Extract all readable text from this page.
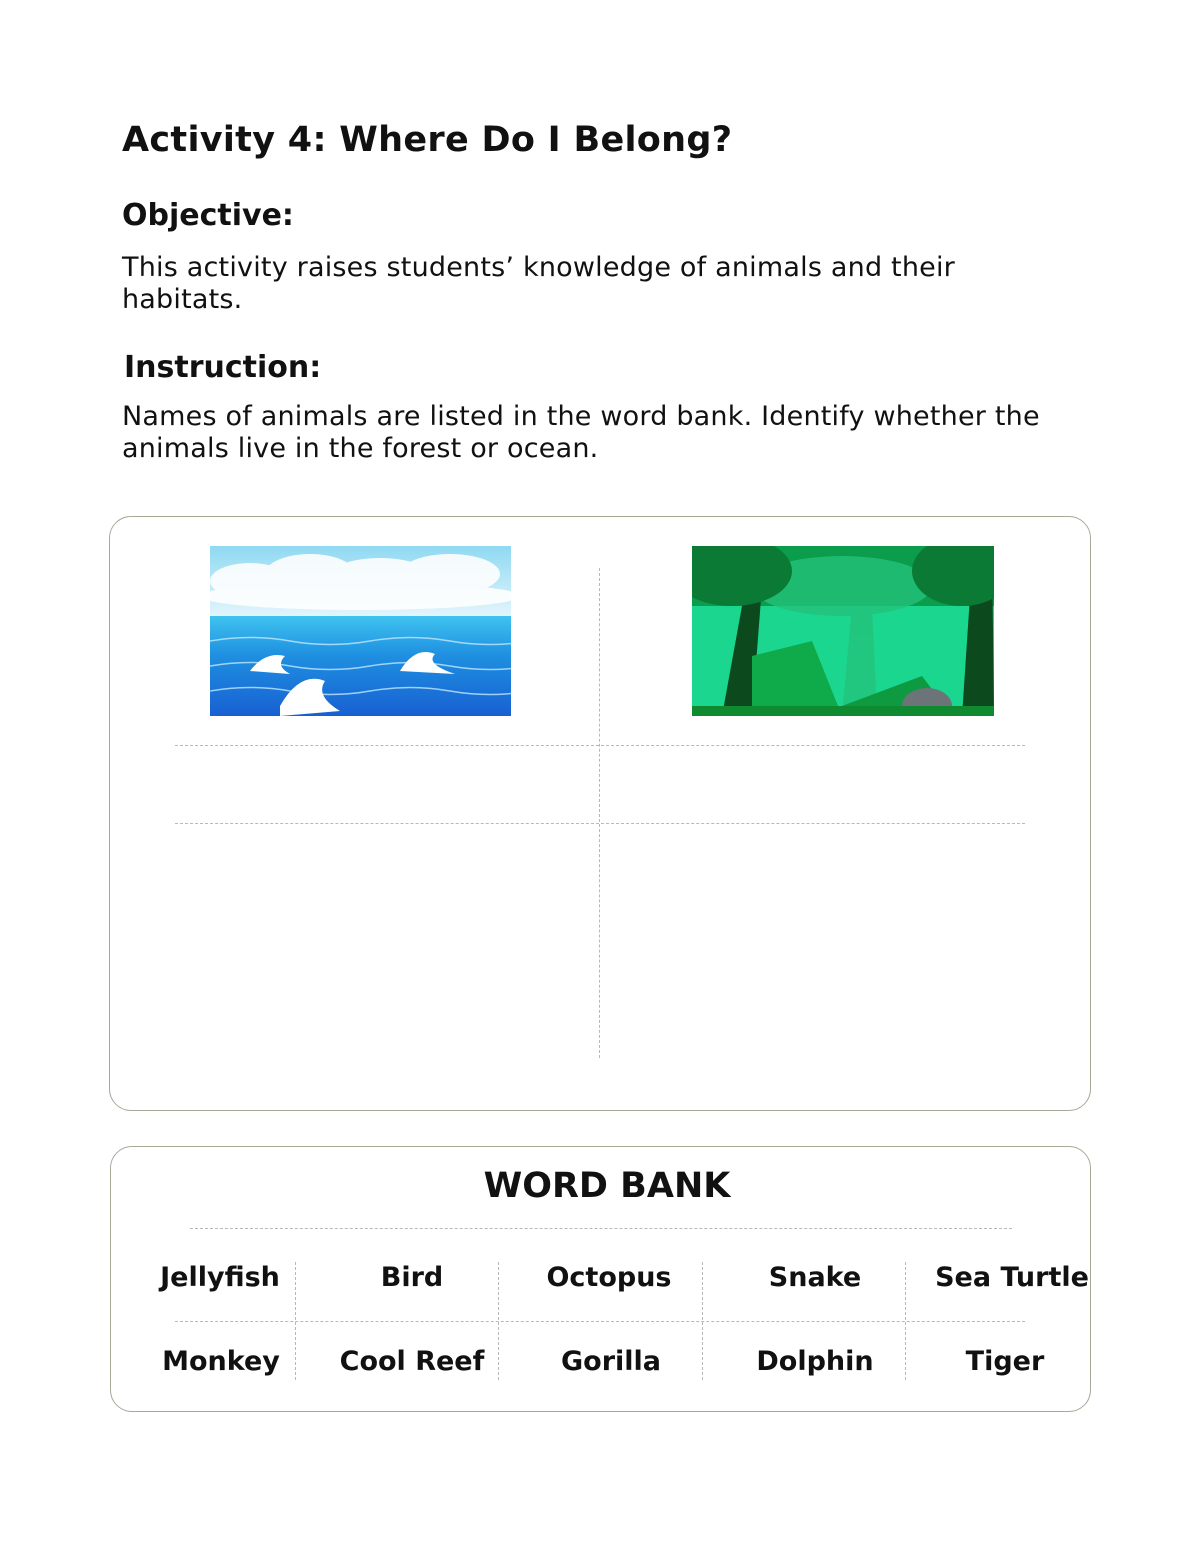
Activity 4: Where Do I Belong?
Objective:
This activity raises students’ knowledge of animals and their habitats.
Instruction:
Names of animals are listed in the word bank. Identify whether the animals live in the forest or ocean.
WORD BANK
Jellyfish	Bird	Octopus	Snake	Sea Turtle
Monkey	Cool Reef	Gorilla	Dolphin	Tiger
